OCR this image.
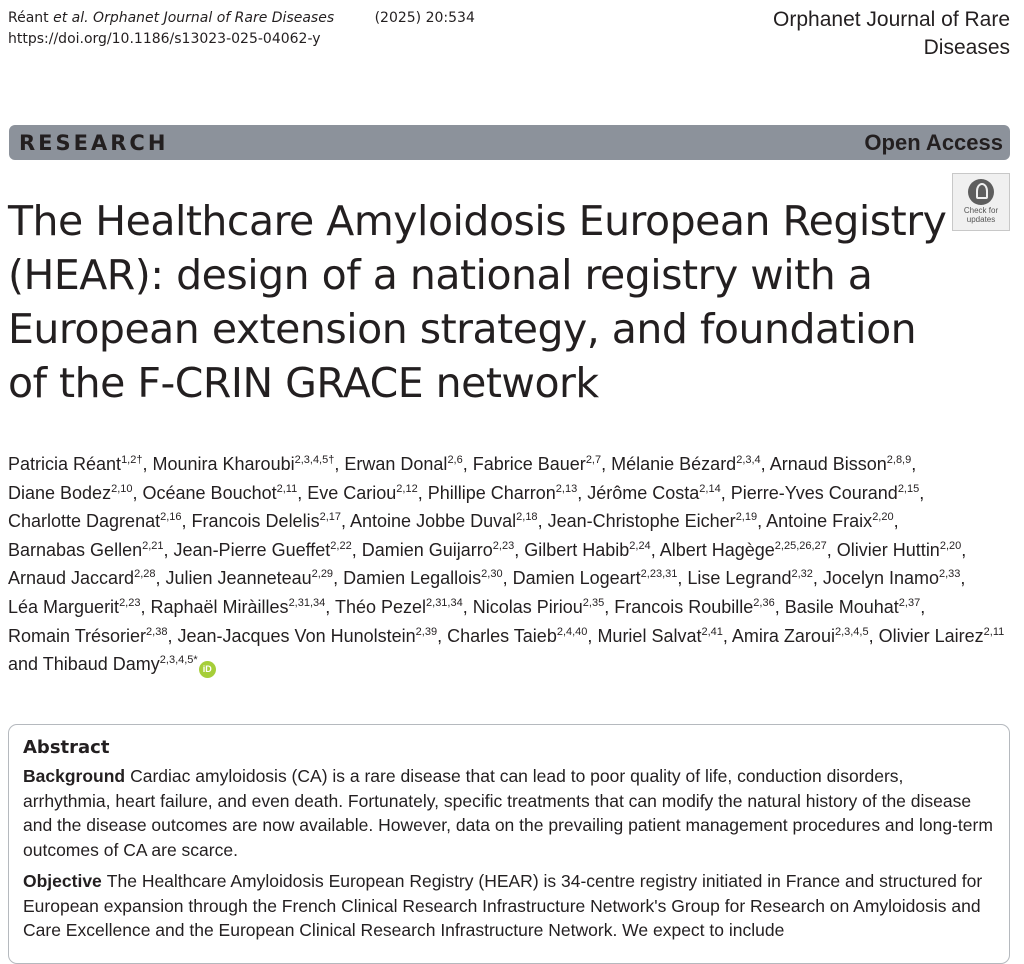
Réant et al. Orphanet Journal of Rare Diseases	(2025) 20:534
https://doi.org/10.1186/s13023-025-04062-y
Orphanet Journal of Rare Diseases
RESEARCH	Open Access
Check for
updates
The Healthcare Amyloidosis European Registry (HEAR): design of a national registry with a European extension strategy, and foundation of the F-CRIN GRACE network
Patricia Réant$^{1,2\dagger}$, Mounira Kharoubi$^{2,3,4,5\dagger}$, Erwan Donal$^{2,6}$, Fabrice Bauer$^{2,7}$, Mélanie Bézard$^{2,3,4}$, Arnaud Bisson$^{2,8,9}$, Diane Bodez$^{2,10}$, Océane Bouchot$^{2,11}$, Eve Cariou$^{2,12}$, Phillipe Charron$^{2,13}$, Jérôme Costa$^{2,14}$, Pierre-Yves Courand$^{2,15}$, Charlotte Dagrenat$^{2,16}$, Francois Delelis$^{2,17}$, Antoine Jobbe Duval$^{2,18}$, Jean-Christophe Eicher$^{2,19}$, Antoine Fraix$^{2,20}$, Barnabas Gellen$^{2,21}$, Jean-Pierre Gueffet$^{2,22}$, Damien Guijarro$^{2,23}$, Gilbert Habib$^{2,24}$, Albert Hagège$^{2,25,26,27}$, Olivier Huttin$^{2,20}$, Arnaud Jaccard$^{2,28}$, Julien Jeanneteau$^{2,29}$, Damien Legallois$^{2,30}$, Damien Logeart$^{2,23,31}$, Lise Legrand$^{2,32}$, Jocelyn Inamo$^{2,33}$, Léa Marguerit$^{2,23}$, Raphaël Miràilles$^{2,31,34}$, Théo Pezel$^{2,31,34}$, Nicolas Piriou$^{2,35}$, Francois Roubille$^{2,36}$, Basile Mouhat$^{2,37}$, Romain Trésorier$^{2,38}$, Jean-Jacques Von Hunolstein$^{2,39}$, Charles Taieb$^{2,4,40}$, Muriel Salvat$^{2,41}$, Amira Zaroui$^{2,3,4,5}$, Olivier Lairez$^{2,11}$ and Thibaud Damy$^{2,3,4,5*}$iD
Abstract

Background Cardiac amyloidosis (CA) is a rare disease that can lead to poor quality of life, conduction disorders, arrhythmia, heart failure, and even death. Fortunately, specific treatments that can modify the natural history of the disease and the disease outcomes are now available. However, data on the prevailing patient management procedures and long-term outcomes of CA are scarce.

Objective The Healthcare Amyloidosis European Registry (HEAR) is 34-centre registry initiated in France and structured for European expansion through the French Clinical Research Infrastructure Network's Group for Research on Amyloidosis and Care Excellence and the European Clinical Research Infrastructure Network. We expect to include
